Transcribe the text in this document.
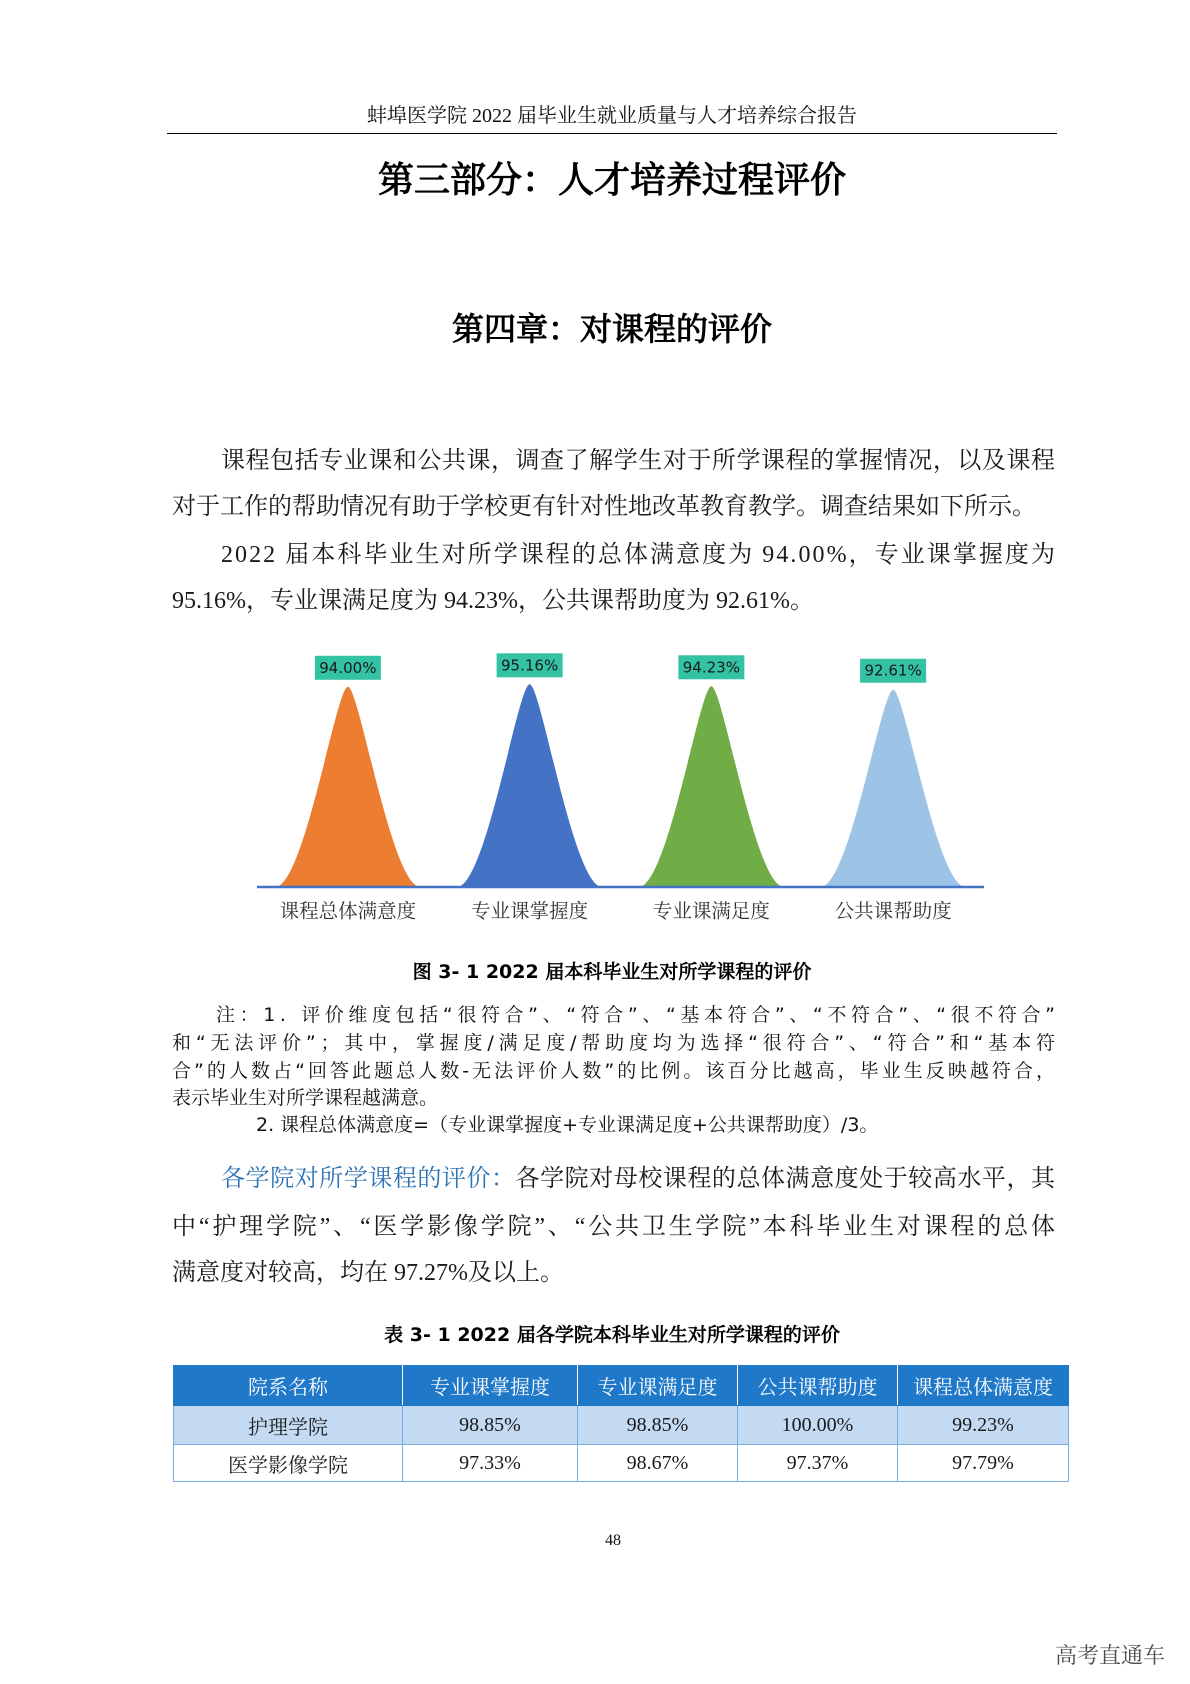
蚌埠医学院 2022 届毕业生就业质量与人才培养综合报告
第三部分：人才培养过程评价
第四章：对课程的评价
课程包括专业课和公共课，调查了解学生对于所学课程的掌握情况，以及课程
对于工作的帮助情况有助于学校更有针对性地改革教育教学。调查结果如下所示。
2022 届本科毕业生对所学课程的总体满意度为 94.00%，专业课掌握度为
95.16%，专业课满足度为 94.23%，公共课帮助度为 92.61%。
94.00%
课程总体满意度
95.16%
专业课掌握度
94.23%
专业课满足度
92.61%
公共课帮助度
图 3- 1 2022 届本科毕业生对所学课程的评价
注：1. 评价维度包括“很符合”、“符合”、“基本符合”、“不符合”、“很不符合”
和“无法评价”；其中，掌握度/满足度/帮助度均为选择“很符合”、“符合”和“基本符
合”的人数占“回答此题总人数-无法评价人数”的比例。该百分比越高，毕业生反映越符合，
表示毕业生对所学课程越满意。
2. 课程总体满意度=（专业课掌握度+专业课满足度+公共课帮助度）/3。
各学院对所学课程的评价：各学院对母校课程的总体满意度处于较高水平，其
中“护理学院”、“医学影像学院”、“公共卫生学院”本科毕业生对课程的总体
满意度对较高，均在 97.27%及以上。
表 3- 1 2022 届各学院本科毕业生对所学课程的评价
院系名称	专业课掌握度	专业课满足度	公共课帮助度	课程总体满意度
护理学院	98.85%	98.85%	100.00%	99.23%
医学影像学院	97.33%	98.67%	97.37%	97.79%
48
高考直通车
